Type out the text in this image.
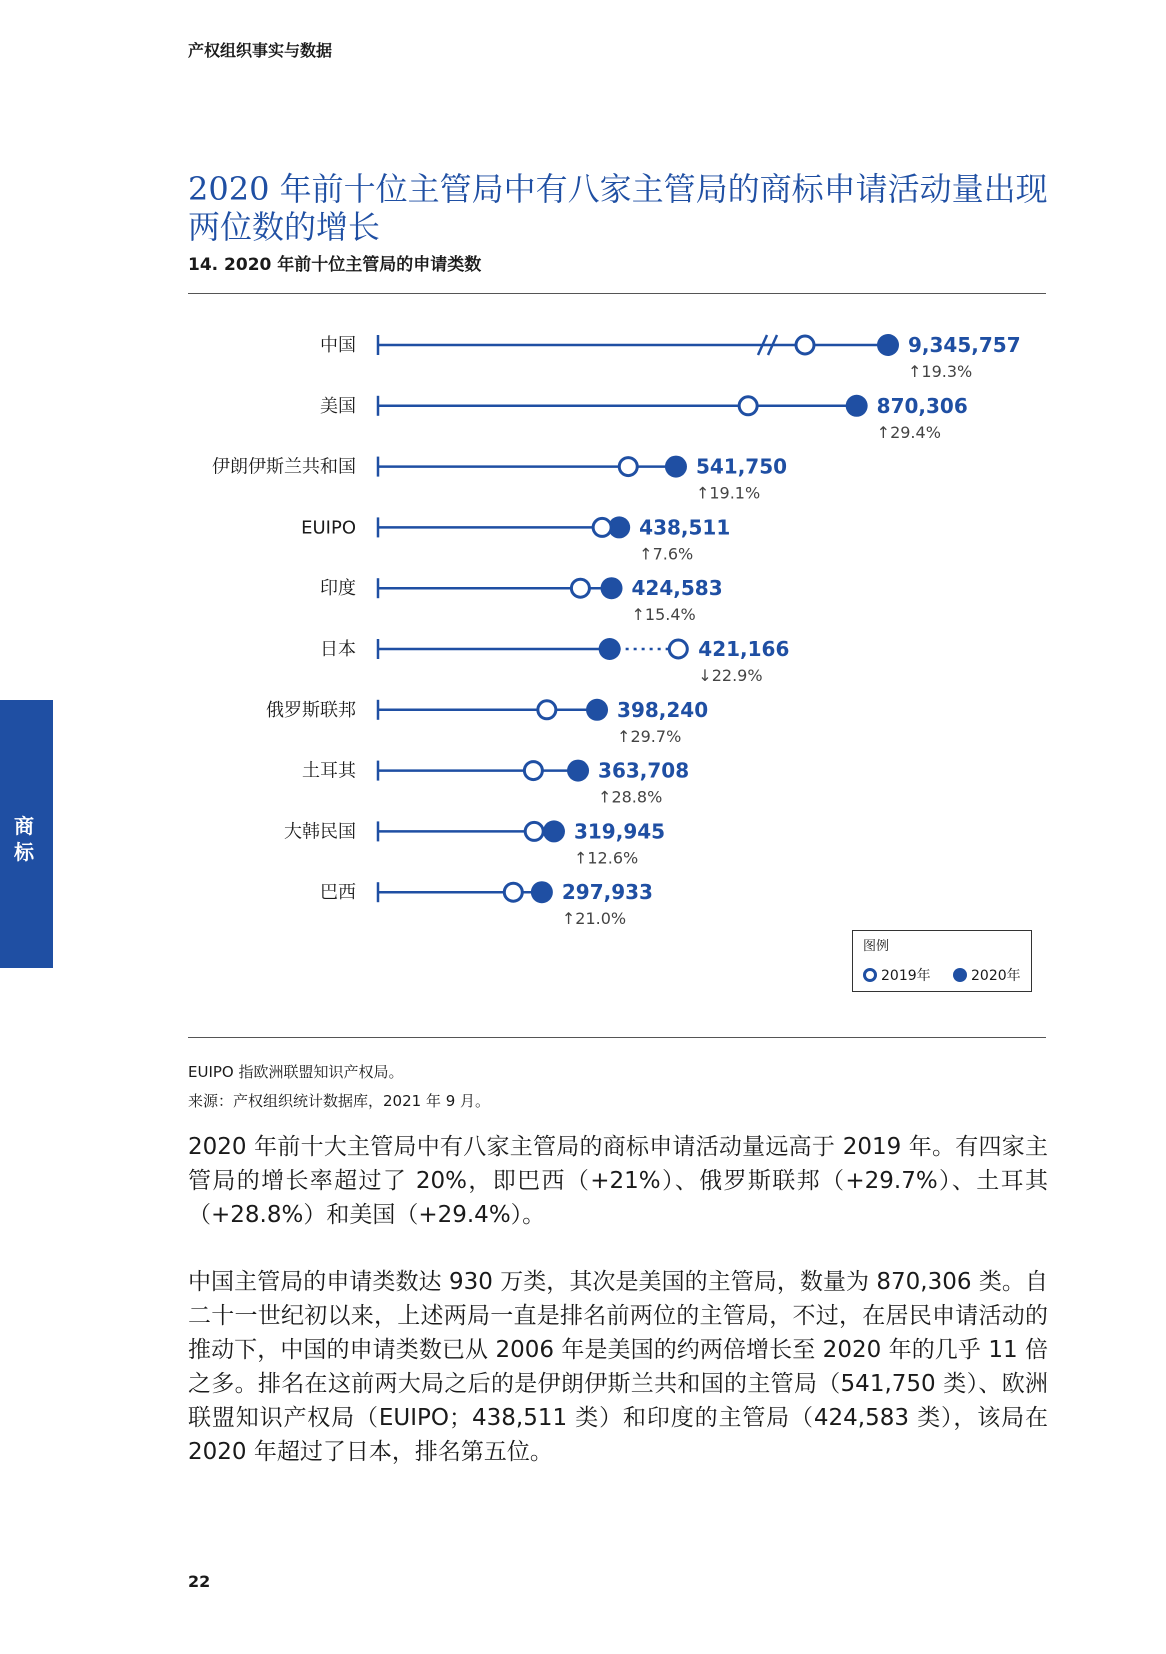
产权组织事实与数据
商
标
2020 年前十位主管局中有八家主管局的商标申请活动量出现两位数的增长
14. 2020 年前十位主管局的申请类数
中国	9,345,757
↑19.3%
美国	870,306
↑29.4%
伊朗伊斯兰共和国	541,750
↑19.1%
EUIPO	438,511
↑7.6%
印度	424,583
↑15.4%
日本	421,166
↓22.9%
俄罗斯联邦	398,240
↑29.7%
土耳其	363,708
↑28.8%
大韩民国	319,945
↑12.6%
巴西	297,933
↑21.0%
图例
2019年	2020年
EUIPO 指欧洲联盟知识产权局。
来源：产权组织统计数据库，2021 年 9 月。

2020 年前十大主管局中有八家主管局的商标申请活动量远高于 2019 年。有四家主管局的增长率超过了 20%，即巴西（+21%）、俄罗斯联邦（+29.7%）、土耳其（+28.8%）和美国（+29.4%）。

中国主管局的申请类数达 930 万类，其次是美国的主管局，数量为 870,306 类。自二十一世纪初以来，上述两局一直是排名前两位的主管局，不过，在居民申请活动的推动下，中国的申请类数已从 2006 年是美国的约两倍增长至 2020 年的几乎 11 倍之多。排名在这前两大局之后的是伊朗伊斯兰共和国的主管局（541,750 类）、欧洲联盟知识产权局（EUIPO；438,511 类）和印度的主管局（424,583 类），该局在 2020 年超过了日本，排名第五位。

22
